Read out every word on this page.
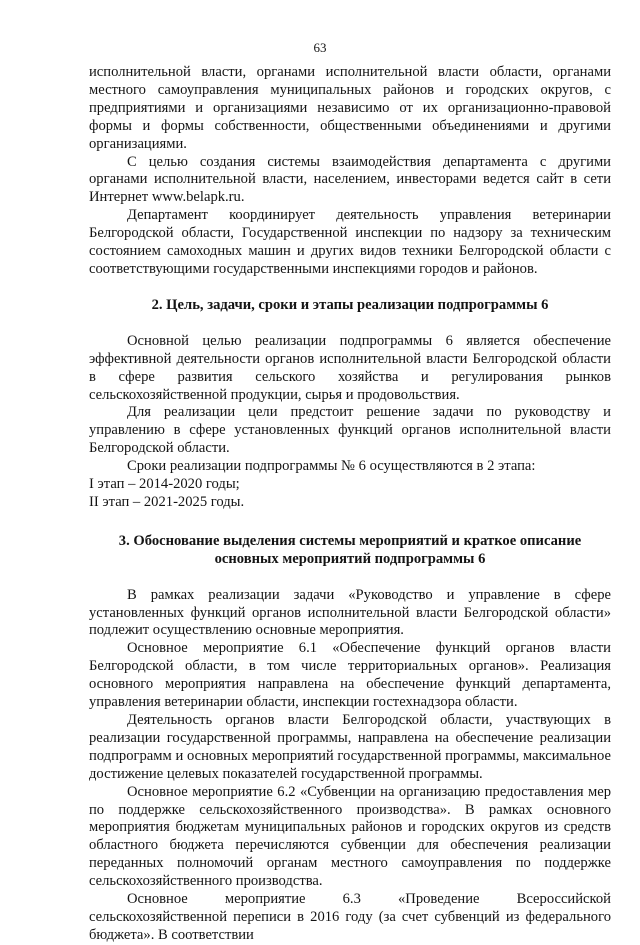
63

исполнительной власти, органами исполнительной власти области, органами местного самоуправления муниципальных районов и городских округов, с предприятиями и организациями независимо от их организационно-правовой формы и формы собственности, общественными объединениями и другими организациями.

С целью создания системы взаимодействия департамента с другими органами исполнительной власти, населением, инвесторами ведется сайт в сети Интернет www.belapk.ru.

Департамент координирует деятельность управления ветеринарии Белгородской области, Государственной инспекции по надзору за техническим состоянием самоходных машин и других видов техники Белгородской области с соответствующими государственными инспекциями городов и районов.

2. Цель, задачи, сроки и этапы реализации подпрограммы 6

Основной целью реализации подпрограммы 6 является обеспечение эффективной деятельности органов исполнительной власти Белгородской области в сфере развития сельского хозяйства и регулирования рынков сельскохозяйственной продукции, сырья и продовольствия.

Для реализации цели предстоит решение задачи по руководству и управлению в сфере установленных функций органов исполнительной власти Белгородской области.

Сроки реализации подпрограммы № 6 осуществляются в 2 этапа:

I этап – 2014-2020 годы;

II этап – 2021-2025 годы.

3. Обоснование выделения системы мероприятий и краткое описание

основных мероприятий подпрограммы 6

В рамках реализации задачи «Руководство и управление в сфере установленных функций органов исполнительной власти Белгородской области» подлежит осуществлению основные мероприятия.

Основное мероприятие 6.1 «Обеспечение функций органов власти Белгородской области, в том числе территориальных органов». Реализация основного мероприятия направлена на обеспечение функций департамента, управления ветеринарии области, инспекции гостехнадзора области.

Деятельность органов власти Белгородской области, участвующих в реализации государственной программы, направлена на обеспечение реализации подпрограмм и основных мероприятий государственной программы, максимальное достижение целевых показателей государственной программы.

Основное мероприятие 6.2 «Субвенции на организацию предоставления мер по поддержке сельскохозяйственного производства». В рамках основного мероприятия бюджетам муниципальных районов и городских округов из средств областного бюджета перечисляются субвенции для обеспечения реализации переданных полномочий органам местного самоуправления по поддержке сельскохозяйственного производства.

Основное мероприятие 6.3 «Проведение Всероссийской сельскохозяйственной переписи в 2016 году (за счет субвенций из федерального бюджета». В соответствии
